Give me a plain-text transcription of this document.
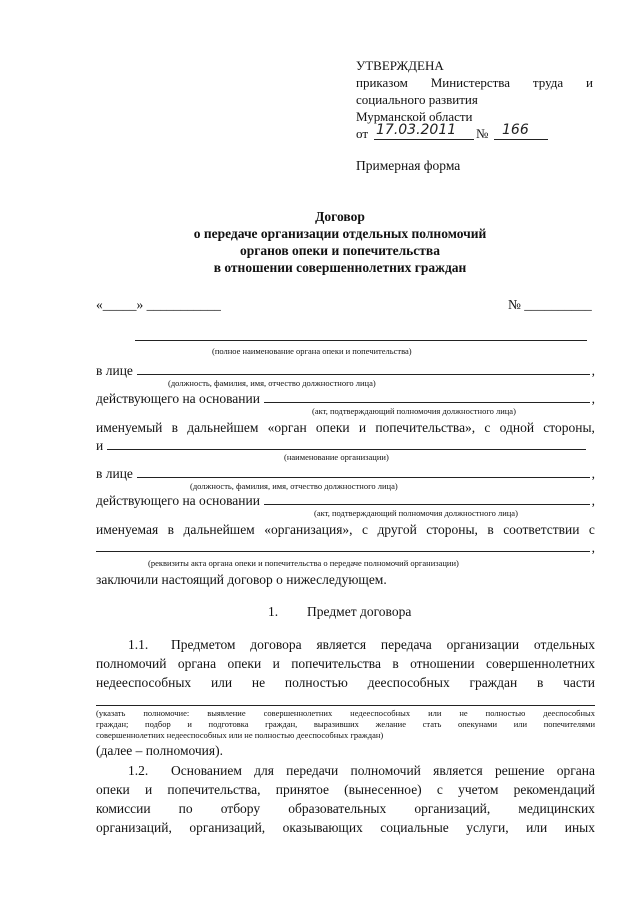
УТВЕРЖДЕНА
приказом Министерства труда и
социального развития
Мурманской области
от 17.03.2011 № 166
Примерная форма
Договор
о передаче организации отдельных полномочий
органов опеки и попечительства
в отношении совершеннолетних граждан
«_____» ___________	№ __________
(полное наименование органа опеки и попечительства)
в лице	,
(должность, фамилия, имя, отчество должностного лица)
действующего на основании	,
(акт, подтверждающий полномочия должностного лица)
именуемый в дальнейшем «орган опеки и попечительства», с одной стороны,
и
(наименование организации)
в лице	,
(должность, фамилия, имя, отчество должностного лица)
действующего на основании	,
(акт, подтверждающий полномочия должностного лица)
именуемая в дальнейшем «организация», с другой стороны, в соответствии с
,
(реквизиты акта органа опеки и попечительства о передаче полномочий организации)
заключили настоящий договор о нижеследующем.
1. Предмет договора
1.1. Предметом договора является передача организации отдельных
полномочий органа опеки и попечительства в отношении совершеннолетних
недееспособных или не полностью дееспособных граждан в части
(указать полномочие: выявление совершеннолетних недееспособных или не полностью дееспособных
граждан; подбор и подготовка граждан, выразивших желание стать опекунами или попечителями
совершеннолетних недееспособных или не полностью дееспособных граждан)
(далее – полномочия).
1.2. Основанием для передачи полномочий является решение органа
опеки и попечительства, принятое (вынесенное) с учетом рекомендаций
комиссии по отбору образовательных организаций, медицинских
организаций, организаций, оказывающих социальные услуги, или иных
